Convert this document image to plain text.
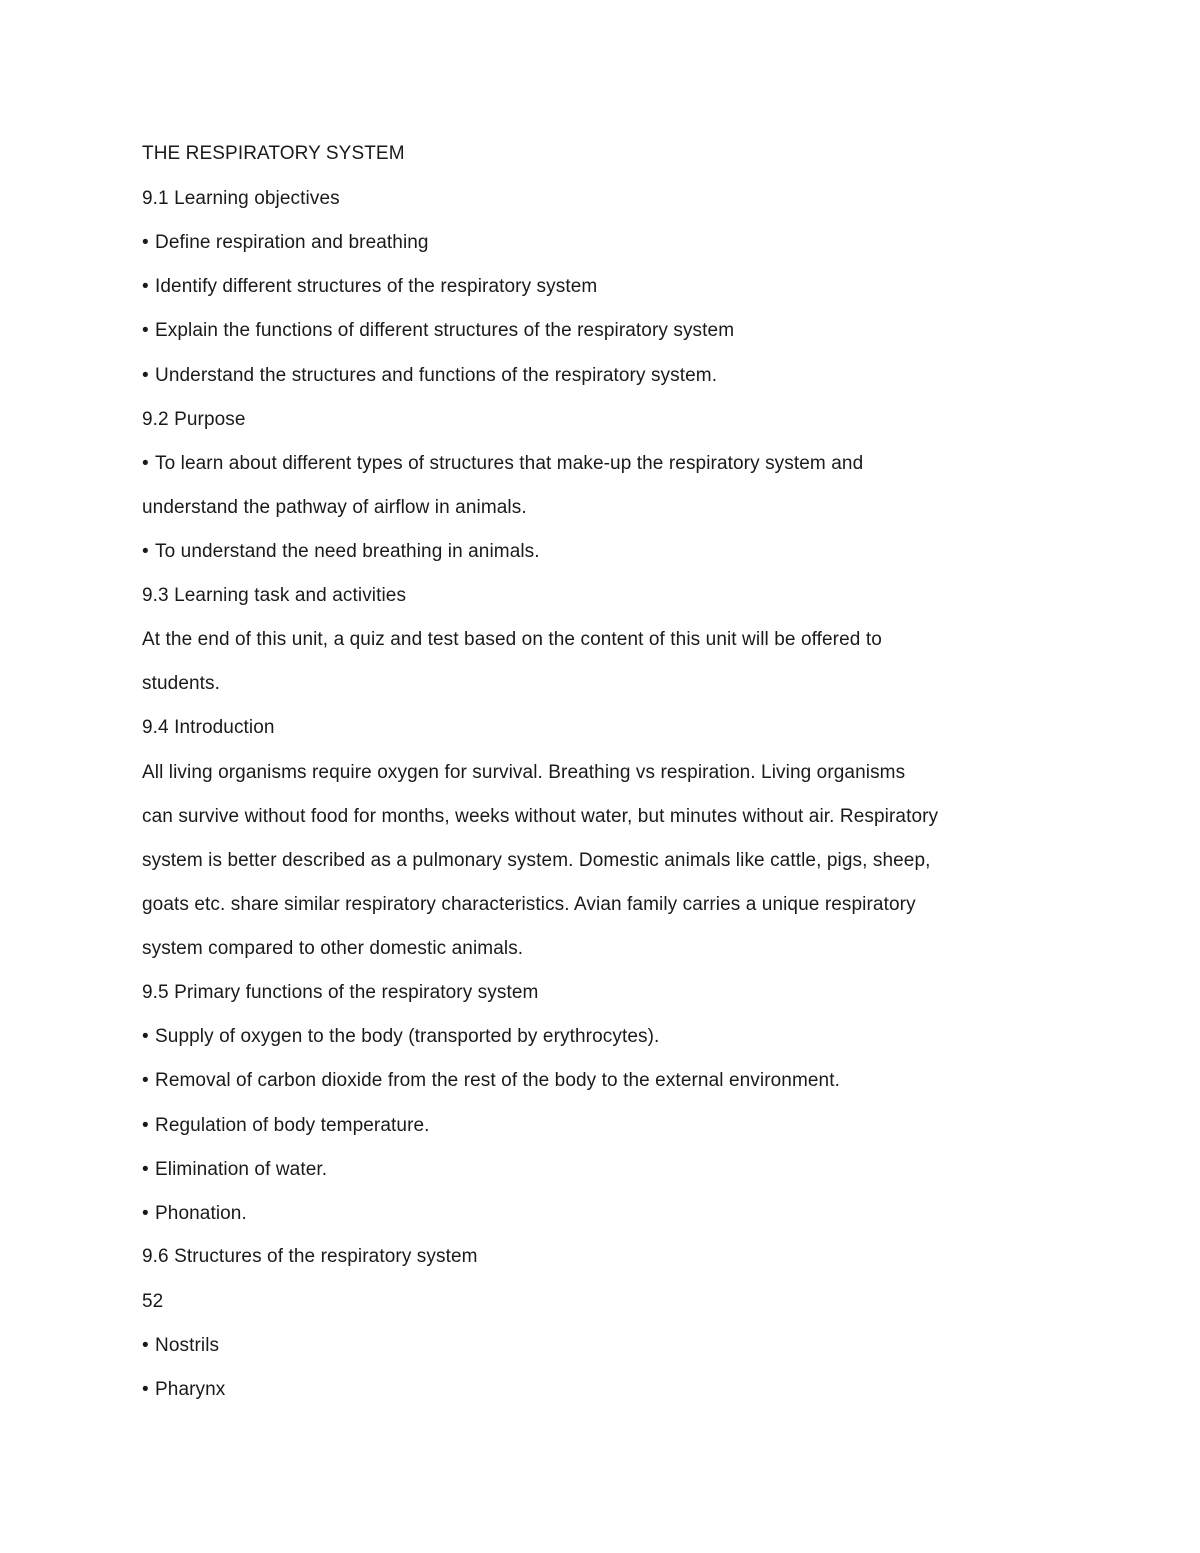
THE RESPIRATORY SYSTEM
9.1 Learning objectives
• Define respiration and breathing
• Identify different structures of the respiratory system
• Explain the functions of different structures of the respiratory system
• Understand the structures and functions of the respiratory system.
9.2 Purpose
• To learn about different types of structures that make-up the respiratory system and
understand the pathway of airflow in animals.
• To understand the need breathing in animals.
9.3 Learning task and activities
At the end of this unit, a quiz and test based on the content of this unit will be offered to
students.
9.4 Introduction
All living organisms require oxygen for survival. Breathing vs respiration. Living organisms
can survive without food for months, weeks without water, but minutes without air. Respiratory
system is better described as a pulmonary system. Domestic animals like cattle, pigs, sheep,
goats etc. share similar respiratory characteristics. Avian family carries a unique respiratory
system compared to other domestic animals.
9.5 Primary functions of the respiratory system
• Supply of oxygen to the body (transported by erythrocytes).
• Removal of carbon dioxide from the rest of the body to the external environment.
• Regulation of body temperature.
• Elimination of water.
• Phonation.
9.6 Structures of the respiratory system
52
• Nostrils
• Pharynx
